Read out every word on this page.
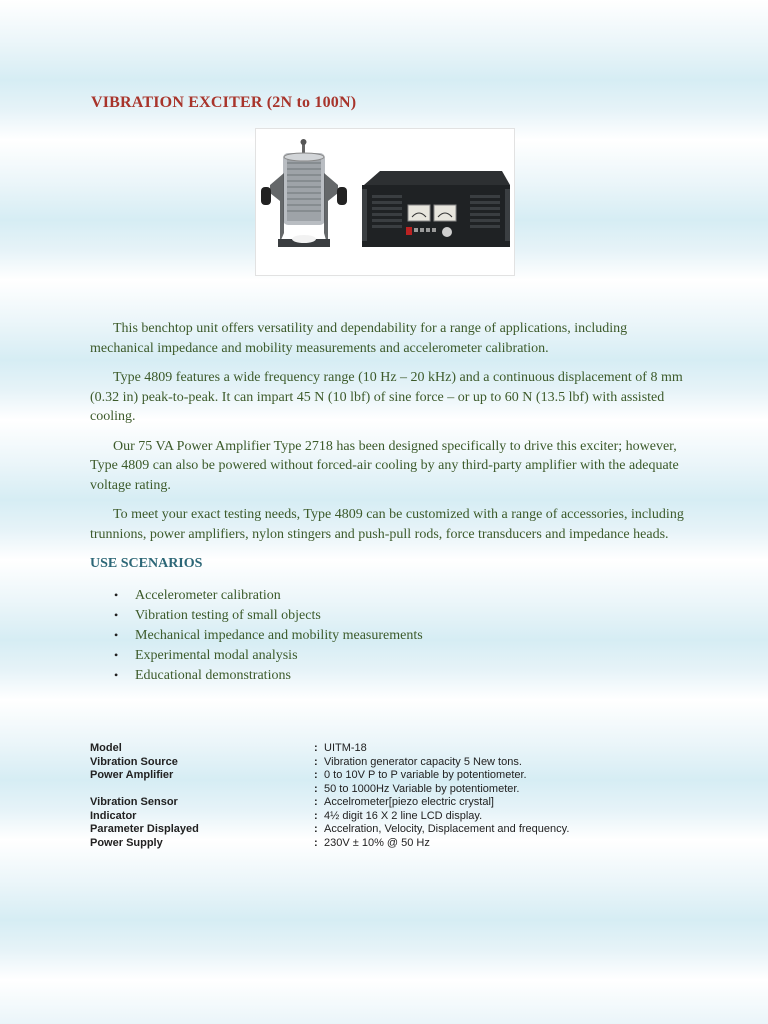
VIBRATION EXCITER (2N to 100N)

This benchtop unit offers versatility and dependability for a range of applications, including mechanical impedance and mobility measurements and accelerometer calibration.

Type 4809 features a wide frequency range (10 Hz – 20 kHz) and a continuous displacement of 8 mm (0.32 in) peak-to-peak. It can impart 45 N (10 lbf) of sine force – or up to 60 N (13.5 lbf) with assisted cooling.

Our 75 VA Power Amplifier Type 2718 has been designed specifically to drive this exciter; however, Type 4809 can also be powered without forced-air cooling by any third-party amplifier with the adequate voltage rating.

To meet your exact testing needs, Type 4809 can be customized with a range of accessories, including trunnions, power amplifiers, nylon stingers and push-pull rods, force transducers and impedance heads.

USE SCENARIOS
• Accelerometer calibration
• Vibration testing of small objects
• Mechanical impedance and mobility measurements
• Experimental modal analysis
• Educational demonstrations
Model	: UITM-18
Vibration Source	: Vibration generator capacity 5 New tons.
Power Amplifier	: 0 to 10V P to P variable by potentiometer.
: 50 to 1000Hz Variable by potentiometer.
Vibration Sensor	: Accelrometer[piezo electric crystal]
Indicator	: 4½ digit 16 X 2 line LCD display.
Parameter Displayed	: Accelration, Velocity, Displacement and frequency.
Power Supply	: 230V ± 10% @ 50 Hz
